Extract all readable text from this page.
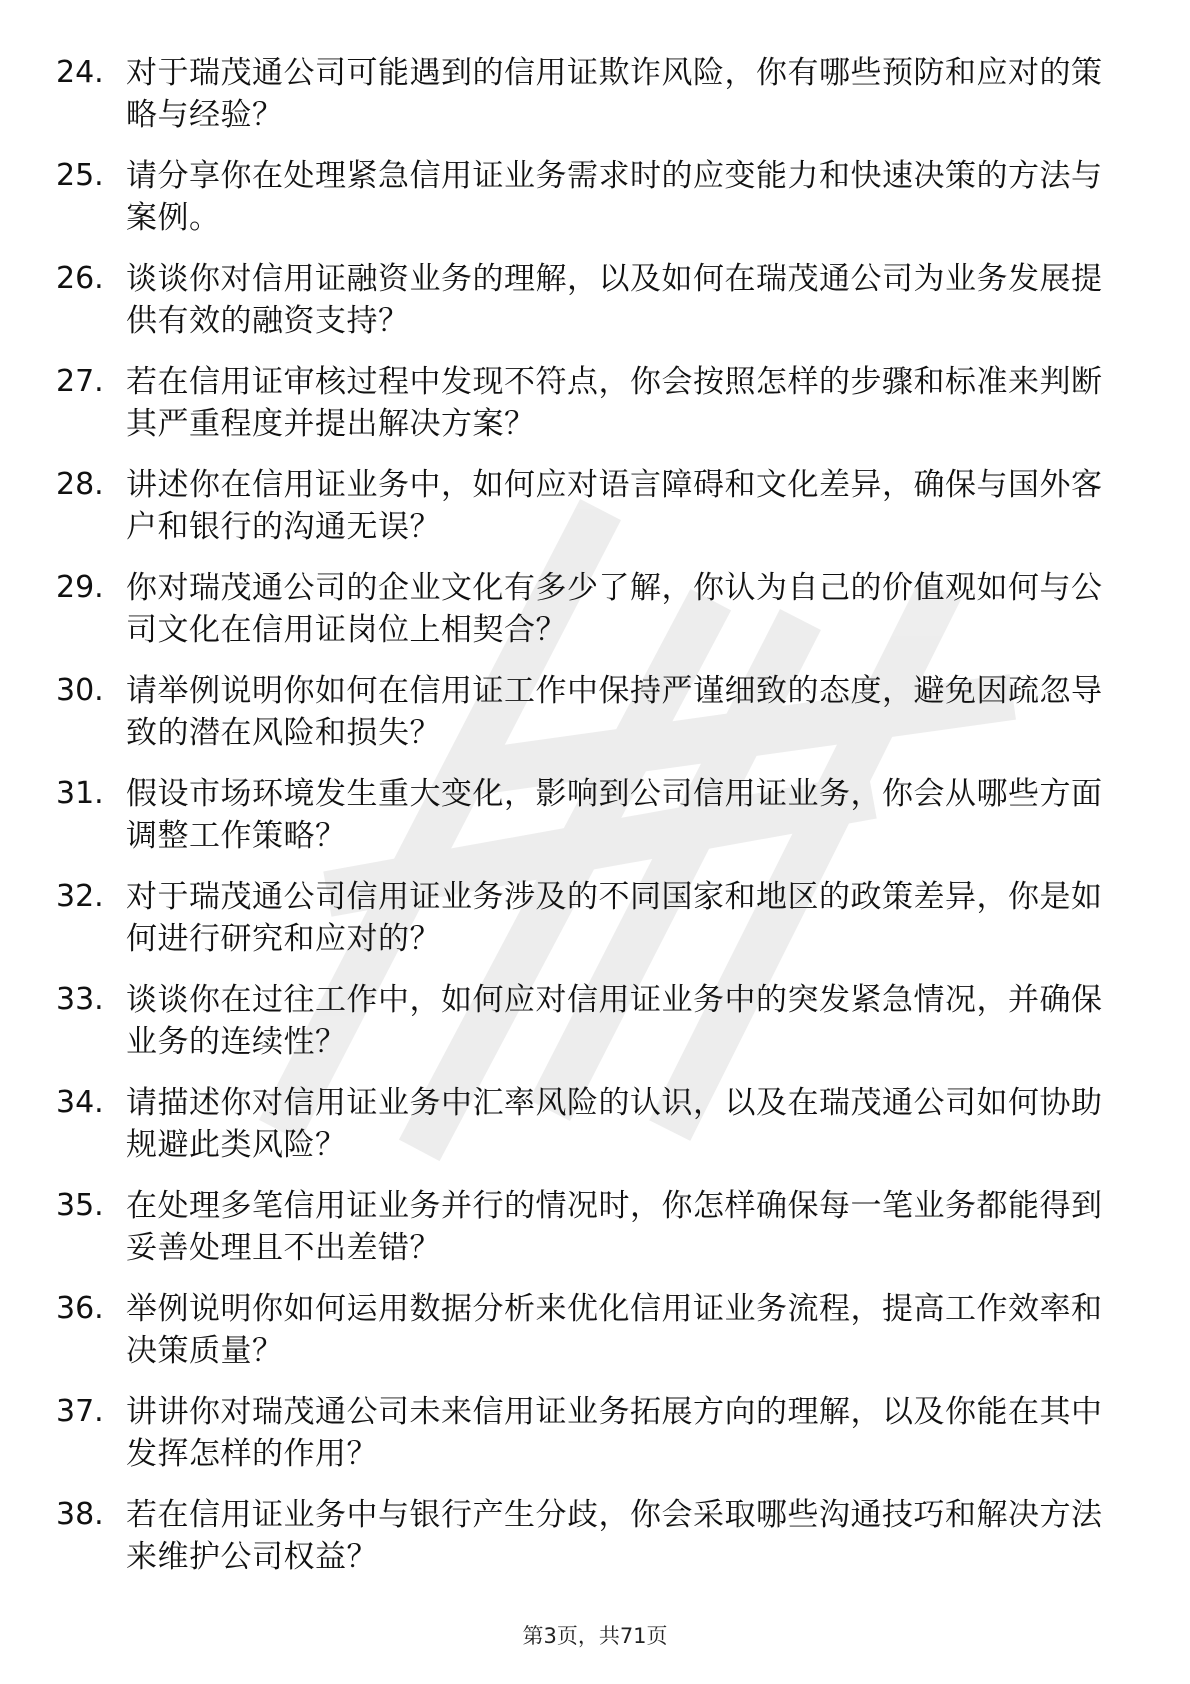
24. 对于瑞茂通公司可能遇到的信用证欺诈风险，你有哪些预防和应对的策略与经验？
25. 请分享你在处理紧急信用证业务需求时的应变能力和快速决策的方法与案例。
26. 谈谈你对信用证融资业务的理解，以及如何在瑞茂通公司为业务发展提供有效的融资支持？
27. 若在信用证审核过程中发现不符点，你会按照怎样的步骤和标准来判断其严重程度并提出解决方案？
28. 讲述你在信用证业务中，如何应对语言障碍和文化差异，确保与国外客户和银行的沟通无误？
29. 你对瑞茂通公司的企业文化有多少了解，你认为自己的价值观如何与公司文化在信用证岗位上相契合？
30. 请举例说明你如何在信用证工作中保持严谨细致的态度，避免因疏忽导致的潜在风险和损失？
31. 假设市场环境发生重大变化，影响到公司信用证业务，你会从哪些方面调整工作策略？
32. 对于瑞茂通公司信用证业务涉及的不同国家和地区的政策差异，你是如何进行研究和应对的？
33. 谈谈你在过往工作中，如何应对信用证业务中的突发紧急情况，并确保业务的连续性？
34. 请描述你对信用证业务中汇率风险的认识，以及在瑞茂通公司如何协助规避此类风险？
35. 在处理多笔信用证业务并行的情况时，你怎样确保每一笔业务都能得到妥善处理且不出差错？
36. 举例说明你如何运用数据分析来优化信用证业务流程，提高工作效率和决策质量？
37. 讲讲你对瑞茂通公司未来信用证业务拓展方向的理解，以及你能在其中发挥怎样的作用？
38. 若在信用证业务中与银行产生分歧，你会采取哪些沟通技巧和解决方法来维护公司权益？
第3页，共71页
